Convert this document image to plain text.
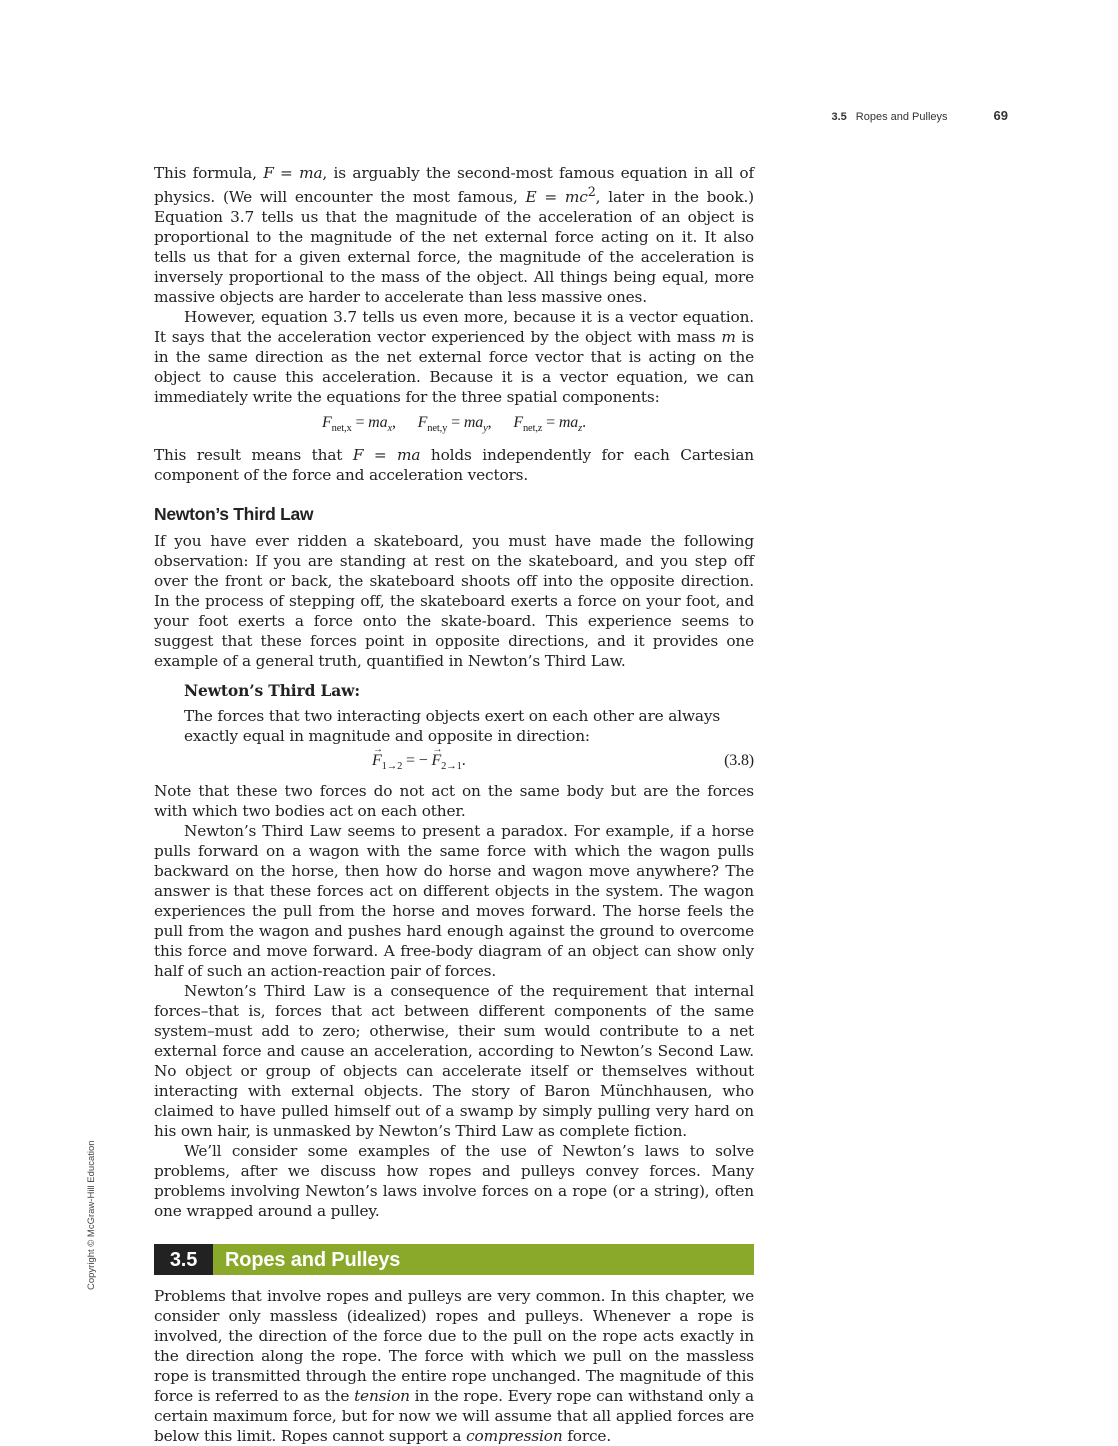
3.5 Ropes and Pulleys	69
Copyright © McGraw-Hill Education

This formula, F = ma, is arguably the second-most famous equation in all of physics. (We will encounter the most famous, $E = mc^2$, later in the book.) Equation 3.7 tells us that the magnitude of the acceleration of an object is proportional to the magnitude of the net external force acting on it. It also tells us that for a given external force, the magnitude of the acceleration is inversely proportional to the mass of the object. All things being equal, more massive objects are harder to accelerate than less massive ones.

However, equation 3.7 tells us even more, because it is a vector equation. It says that the acceleration vector experienced by the object with mass m is in the same direction as the net external force vector that is acting on the object to cause this acceleration. Because it is a vector equation, we can immediately write the equations for the three spatial components:

$F_{net,x} = ma_x$, $F_{net,y} = ma_y$, $F_{net,z} = ma_z$.

This result means that F = ma holds independently for each Cartesian component of the force and acceleration vectors.

Newton’s Third Law

If you have ever ridden a skateboard, you must have made the following observation: If you are standing at rest on the skateboard, and you step off over the front or back, the skateboard shoots off into the opposite direction. In the process of stepping off, the skateboard exerts a force on your foot, and your foot exerts a force onto the skate-board. This experience seems to suggest that these forces point in opposite directions, and it provides one example of a general truth, quantified in Newton’s Third Law.

Newton’s Third Law:

The forces that two interacting objects exert on each other are always exactly equal in magnitude and opposite in direction:

→ $F_{1\to 2}$ = − → $F_{2\to 1}$.	(3.8)

Note that these two forces do not act on the same body but are the forces with which two bodies act on each other.

Newton’s Third Law seems to present a paradox. For example, if a horse pulls forward on a wagon with the same force with which the wagon pulls backward on the horse, then how do horse and wagon move anywhere? The answer is that these forces act on different objects in the system. The wagon experiences the pull from the horse and moves forward. The horse feels the pull from the wagon and pushes hard enough against the ground to overcome this force and move forward. A free-body diagram of an object can show only half of such an action-reaction pair of forces.

Newton’s Third Law is a consequence of the requirement that internal forces–that is, forces that act between different components of the same system–must add to zero; otherwise, their sum would contribute to a net external force and cause an acceleration, according to Newton’s Second Law. No object or group of objects can accelerate itself or themselves without interacting with external objects. The story of Baron Münchhausen, who claimed to have pulled himself out of a swamp by simply pulling very hard on his own hair, is unmasked by Newton’s Third Law as complete fiction.

We’ll consider some examples of the use of Newton’s laws to solve problems, after we discuss how ropes and pulleys convey forces. Many problems involving Newton’s laws involve forces on a rope (or a string), often one wrapped around a pulley.

3.5	Ropes and Pulleys

Problems that involve ropes and pulleys are very common. In this chapter, we consider only massless (idealized) ropes and pulleys. Whenever a rope is involved, the direction of the force due to the pull on the rope acts exactly in the direction along the rope. The force with which we pull on the massless rope is transmitted through the entire rope unchanged. The magnitude of this force is referred to as the tension in the rope. Every rope can withstand only a certain maximum force, but for now we will assume that all applied forces are below this limit. Ropes cannot support a compression force.
